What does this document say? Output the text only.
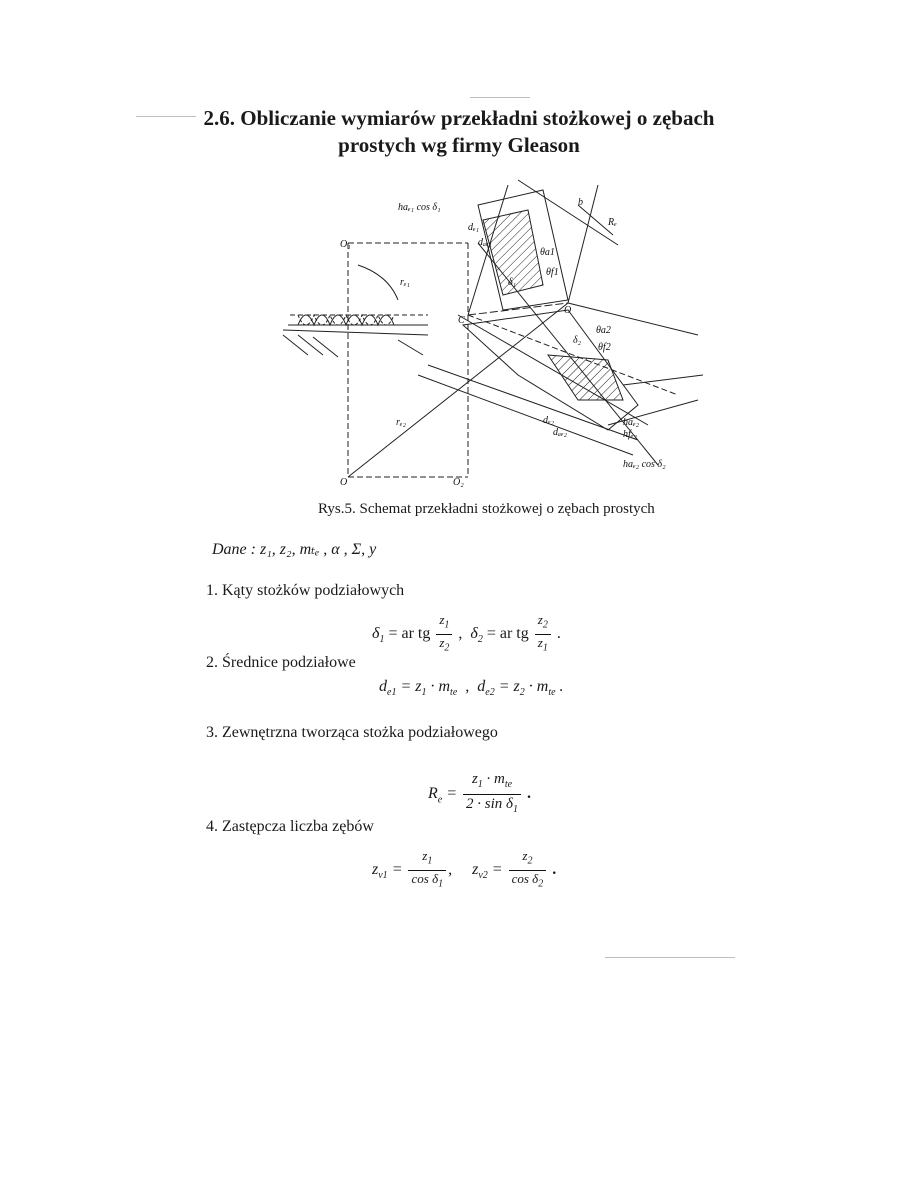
2.6. Obliczanie wymiarów przekładni stożkowej o zębach
prostych wg firmy Gleason
haₑ₁ cos δ₁
O₁
O₂
O
O
C
rₑ₁
rₑ₂
δ₁
δ₂
θa1
θf1
θa2
θf2
dₑ₁
dₐₑ₁
dₑ₂
dₐₑ₂
b
Rₑ
haₑ₂ cos δ₂
hfₑ₂
haₑ₂
Rys.5. Schemat przekładni stożkowej o zębach prostych
Dane : z₁, z₂, mₜₑ , α , Σ, y
1. Kąty stożków podziałowych
$\delta_1$ = ar tg $\frac{z_1}{z_2}$ ,  $\delta_2$ = ar tg $\frac{z_2}{z_1}$ .
2. Średnice podziałowe
$d_{e1} = z_1 \cdot m_{te}$  ,  $d_{e2} = z_2 \cdot m_{te}$ .
3. Zewnętrzna tworząca stożka podziałowego
$R_e = \frac{z_1 \cdot m_{te}}{2 \cdot \sin \delta_1}$ .
4. Zastępcza liczba zębów
$z_{v1} = \frac{z_1}{\cos \delta_1}$ ,     $z_{v2} = \frac{z_2}{\cos \delta_2}$ .
